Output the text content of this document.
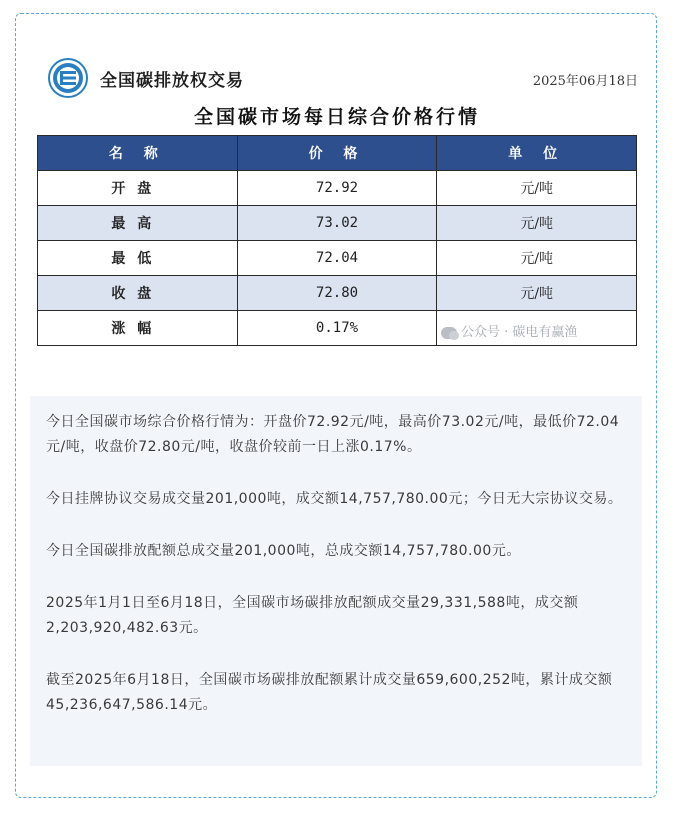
全国碳排放权交易	2025年06月18日
全国碳市场每日综合价格行情
名 称	价 格	单 位
开盘	72.92	元/吨
最高	73.02	元/吨
最低	72.04	元/吨
收盘	72.80	元/吨
涨幅	0.17%		公众号 · 碳电有赢渔

今日全国碳市场综合价格行情为：开盘价72.92元/吨，最高价73.02元/吨，最低价72.04元/吨，收盘价72.80元/吨，收盘价较前一日上涨0.17%。

今日挂牌协议交易成交量201,000吨，成交额14,757,780.00元；今日无大宗协议交易。

今日全国碳排放配额总成交量201,000吨，总成交额14,757,780.00元。

2025年1月1日至6月18日，全国碳市场碳排放配额成交量29,331,588吨，成交额2,203,920,482.63元。

截至2025年6月18日，全国碳市场碳排放配额累计成交量659,600,252吨，累计成交额45,236,647,586.14元。
